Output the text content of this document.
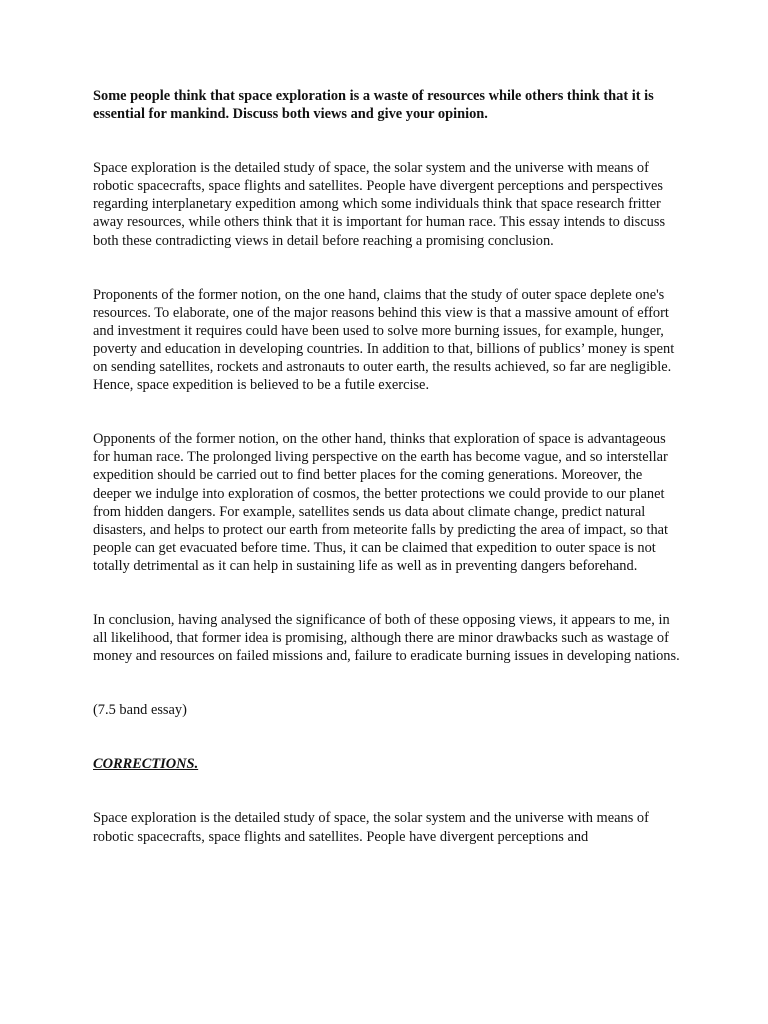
Some people think that space exploration is a waste of resources while others think that it is essential for mankind. Discuss both views and give your opinion.

Space exploration is the detailed study of space, the solar system and the universe with means of robotic spacecrafts, space flights and satellites. People have divergent perceptions and perspectives regarding interplanetary expedition among which some individuals think that space research fritter away resources, while others think that it is important for human race. This essay intends to discuss both these contradicting views in detail before reaching a promising conclusion.

Proponents of the former notion, on the one hand, claims that the study of outer space deplete one's resources. To elaborate, one of the major reasons behind this view is that a massive amount of effort and investment it requires could have been used to solve more burning issues, for example, hunger, poverty and education in developing countries. In addition to that, billions of publics’ money is spent on sending satellites, rockets and astronauts to outer earth, the results achieved, so far are negligible. Hence, space expedition is believed to be a futile exercise.

Opponents of the former notion, on the other hand, thinks that exploration of space is advantageous for human race. The prolonged living perspective on the earth has become vague, and so interstellar expedition should be carried out to find better places for the coming generations. Moreover, the deeper we indulge into exploration of cosmos, the better protections we could provide to our planet from hidden dangers. For example, satellites sends us data about climate change, predict natural disasters, and helps to protect our earth from meteorite falls by predicting the area of impact, so that people can get evacuated before time. Thus, it can be claimed that expedition to outer space is not totally detrimental as it can help in sustaining life as well as in preventing dangers beforehand.

In conclusion, having analysed the significance of both of these opposing views, it appears to me, in all likelihood, that former idea is promising, although there are minor drawbacks such as wastage of money and resources on failed missions and, failure to eradicate burning issues in developing nations.

(7.5 band essay)

CORRECTIONS.

Space exploration is the detailed study of space, the solar system and the universe with means of robotic spacecrafts, space flights and satellites. People have divergent perceptions and
